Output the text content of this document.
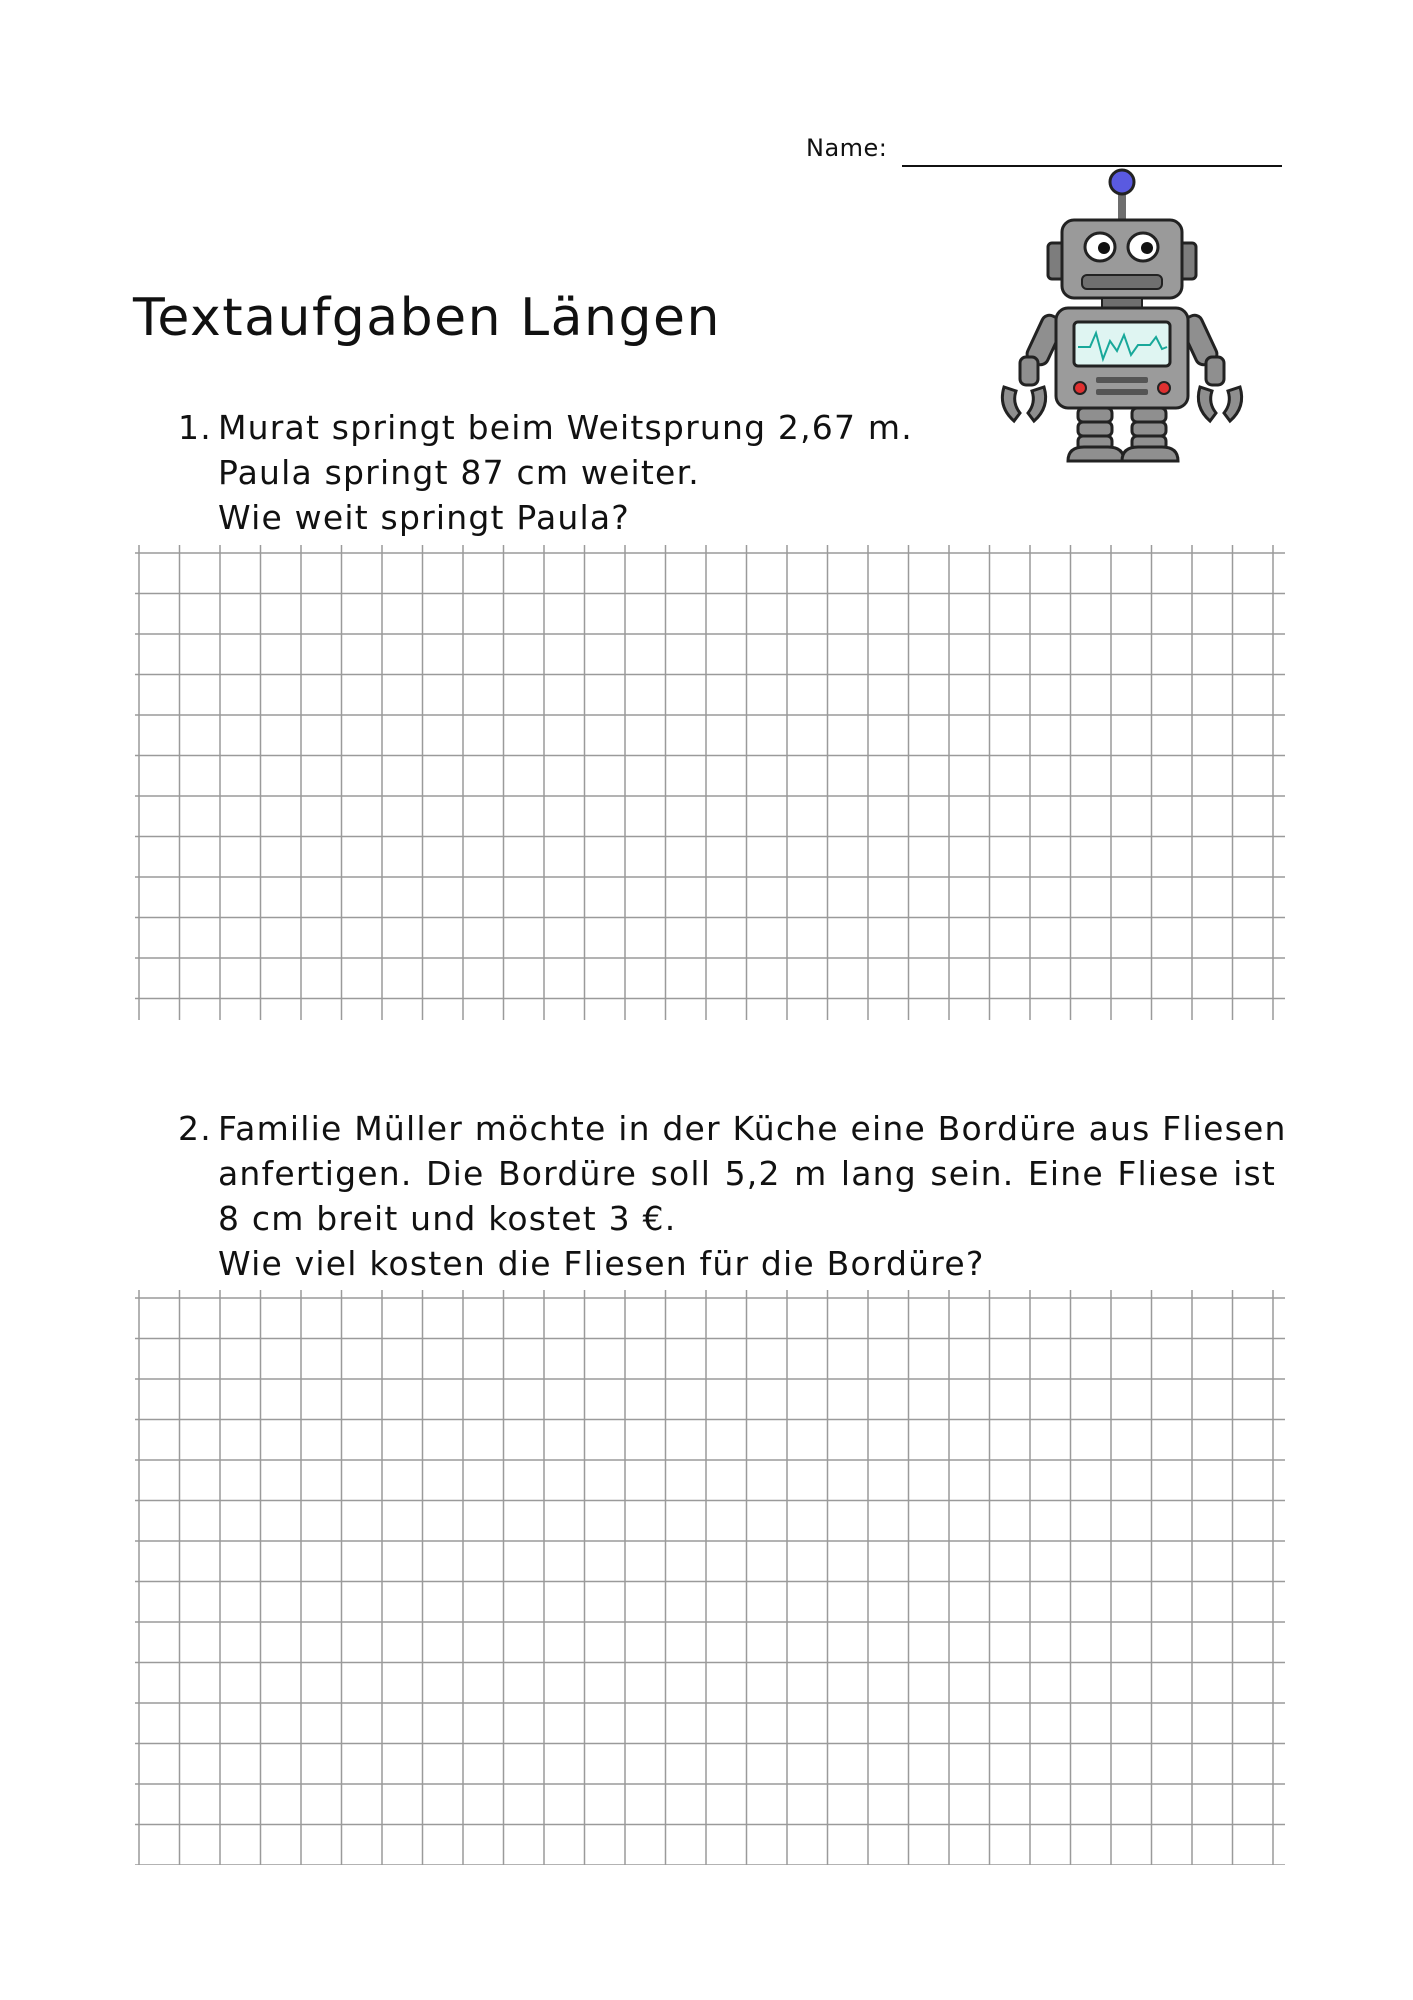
Name:
Textaufgaben Längen
1. Murat springt beim Weitsprung 2,67 m.
Paula springt 87 cm weiter.
Wie weit springt Paula?
2. Familie Müller möchte in der Küche eine Bordüre aus Fliesen
anfertigen. Die Bordüre soll 5,2 m lang sein. Eine Fliese ist
8 cm breit und kostet 3 €.
Wie viel kosten die Fliesen für die Bordüre?
